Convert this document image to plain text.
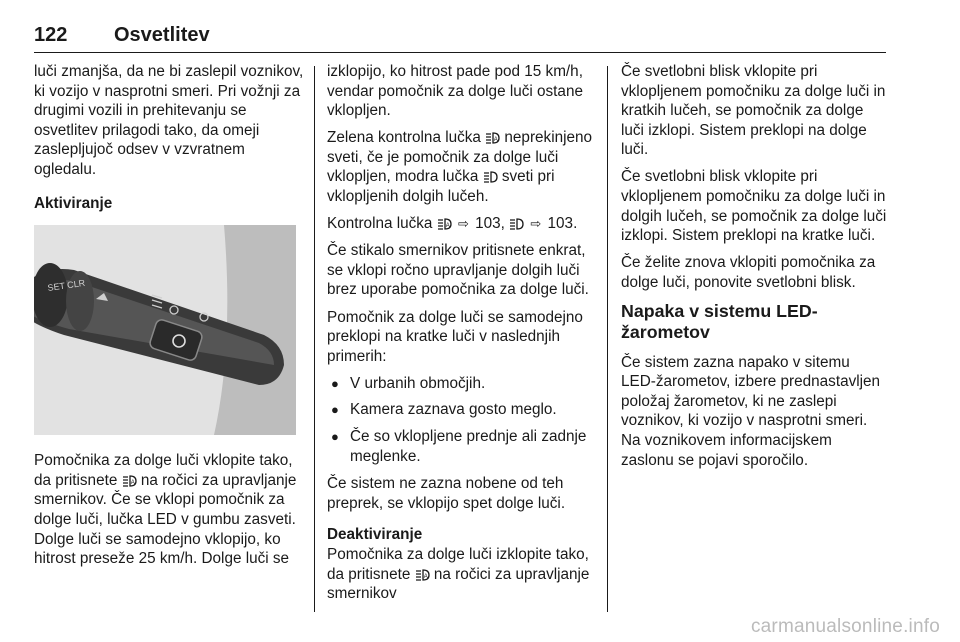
122 Osvetlitev

luči zmanjša, da ne bi zaslepil voznikov, ki vozijo v nasprotni smeri. Pri vožnji za drugimi vozili in prehitevanju se osvetlitev prilagodi tako, da omeji zaslepljujoč odsev v vzvratnem ogledalu.

Aktiviranje

SET CLR

Pomočnika za dolge luči vklopite tako, da pritisnete A na ročici za upravljanje smernikov. Če se vklopi pomočnik za dolge luči, lučka LED v gumbu zasveti. Dolge luči se samodejno vklopijo, ko hitrost preseže 25 km/h. Dolge luči se

izklopijo, ko hitrost pade pod 15 km/h, vendar pomočnik za dolge luči ostane vklopljen.

Zelena kontrolna lučka A neprekinjeno sveti, če je pomočnik za dolge luči vklopljen, modra lučka sveti pri vklopljenih dolgih lučeh.

Kontrolna lučka A ⇨ 103, ⇨ 103.

Če stikalo smernikov pritisnete enkrat, se vklopi ročno upravljanje dolgih luči brez uporabe pomočnika za dolge luči.

Pomočnik za dolge luči se samodejno preklopi na kratke luči v naslednjih primerih:

● V urbanih območjih.
● Kamera zaznava gosto meglo.
● Če so vklopljene prednje ali zadnje meglenke.

Če sistem ne zazna nobene od teh preprek, se vklopijo spet dolge luči.

Deaktiviranje

Pomočnika za dolge luči izklopite tako, da pritisnete A na ročici za upravljanje smernikov

Če svetlobni blisk vklopite pri vklopljenem pomočniku za dolge luči in kratkih lučeh, se pomočnik za dolge luči izklopi. Sistem preklopi na dolge luči.

Če svetlobni blisk vklopite pri vklopljenem pomočniku za dolge luči in dolgih lučeh, se pomočnik za dolge luči izklopi. Sistem preklopi na kratke luči.

Če želite znova vklopiti pomočnika za dolge luči, ponovite svetlobni blisk.

Napaka v sistemu LED-žarometov

Če sistem zazna napako v sitemu LED-žarometov, izbere prednastavljen položaj žarometov, ki ne zaslepi voznikov, ki vozijo v nasprotni smeri. Na voznikovem informacijskem zaslonu se pojavi sporočilo.

carmanualsonline.info
